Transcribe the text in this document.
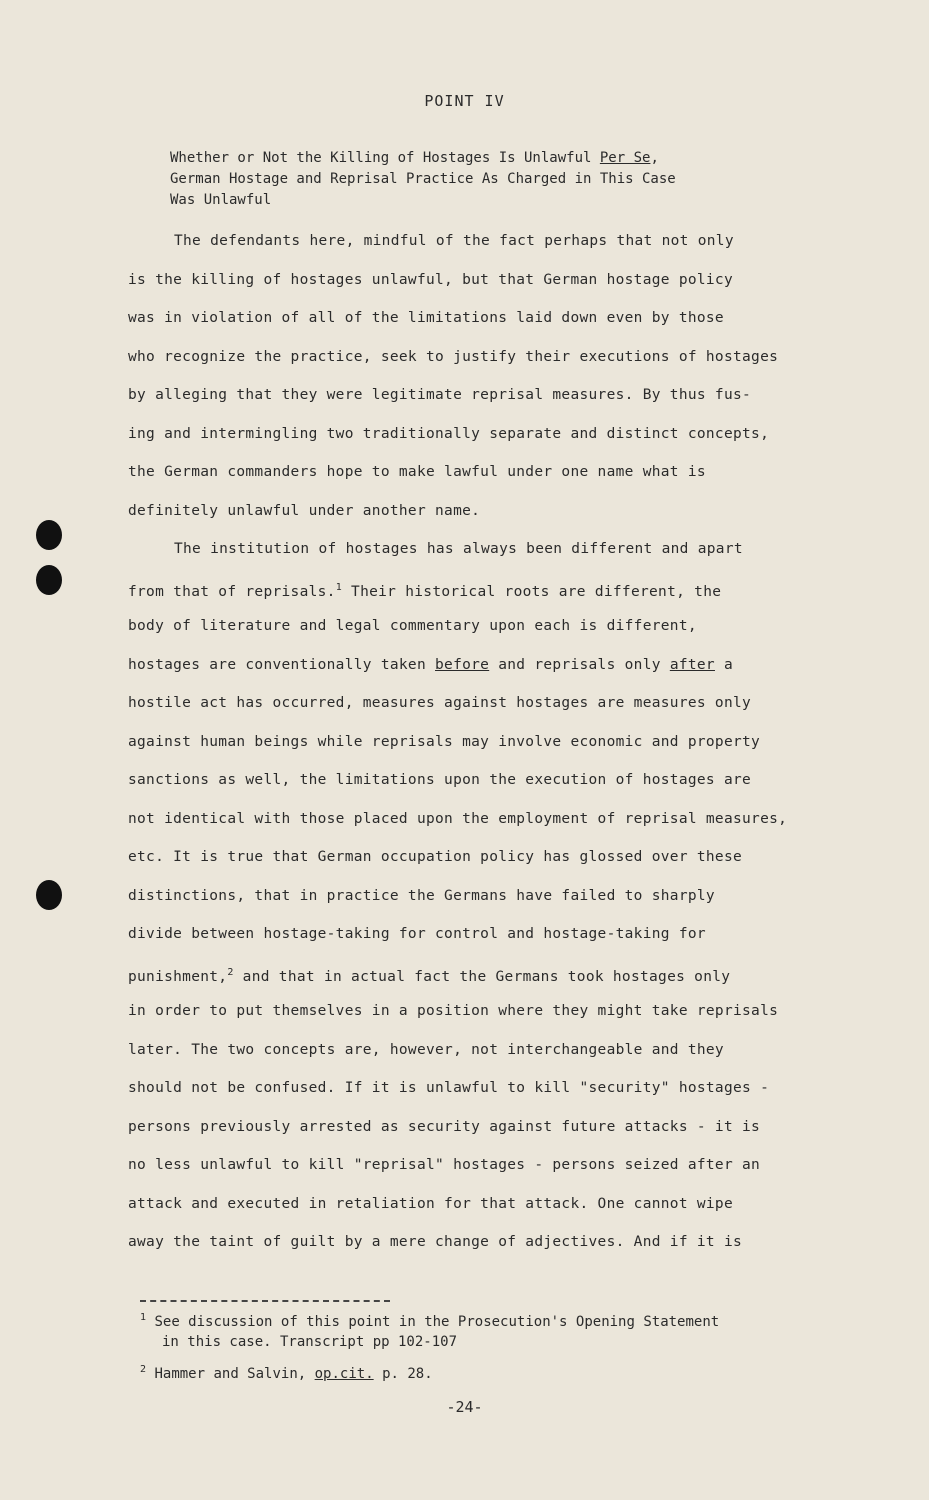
POINT IV

Whether or Not the Killing of Hostages Is Unlawful Per Se,

German Hostage and Reprisal Practice As Charged in This Case

Was Unlawful

The defendants here, mindful of the fact perhaps that not only
is the killing of hostages unlawful, but that German hostage policy
was in violation of all of the limitations laid down even by those
who recognize the practice, seek to justify their executions of hostages
by alleging that they were legitimate reprisal measures. By thus fus-
ing and intermingling two traditionally separate and distinct concepts,
the German commanders hope to make lawful under one name what is
definitely unlawful under another name.
The institution of hostages has always been different and apart
from that of reprisals.$^1$ Their historical roots are different, the
body of literature and legal commentary upon each is different,
hostages are conventionally taken before and reprisals only after a
hostile act has occurred, measures against hostages are measures only
against human beings while reprisals may involve economic and property
sanctions as well, the limitations upon the execution of hostages are
not identical with those placed upon the employment of reprisal measures,
etc. It is true that German occupation policy has glossed over these
distinctions, that in practice the Germans have failed to sharply
divide between hostage-taking for control and hostage-taking for
punishment,$^2$ and that in actual fact the Germans took hostages only
in order to put themselves in a position where they might take reprisals
later. The two concepts are, however, not interchangeable and they
should not be confused. If it is unlawful to kill "security" hostages -
persons previously arrested as security against future attacks - it is
no less unlawful to kill "reprisal" hostages - persons seized after an
attack and executed in retaliation for that attack. One cannot wipe
away the taint of guilt by a mere change of adjectives. And if it is

$^1$ See discussion of this point in the Prosecution's Opening Statement

in this case. Transcript pp 102-107

$^2$ Hammer and Salvin, op.cit. p. 28.

-24-
